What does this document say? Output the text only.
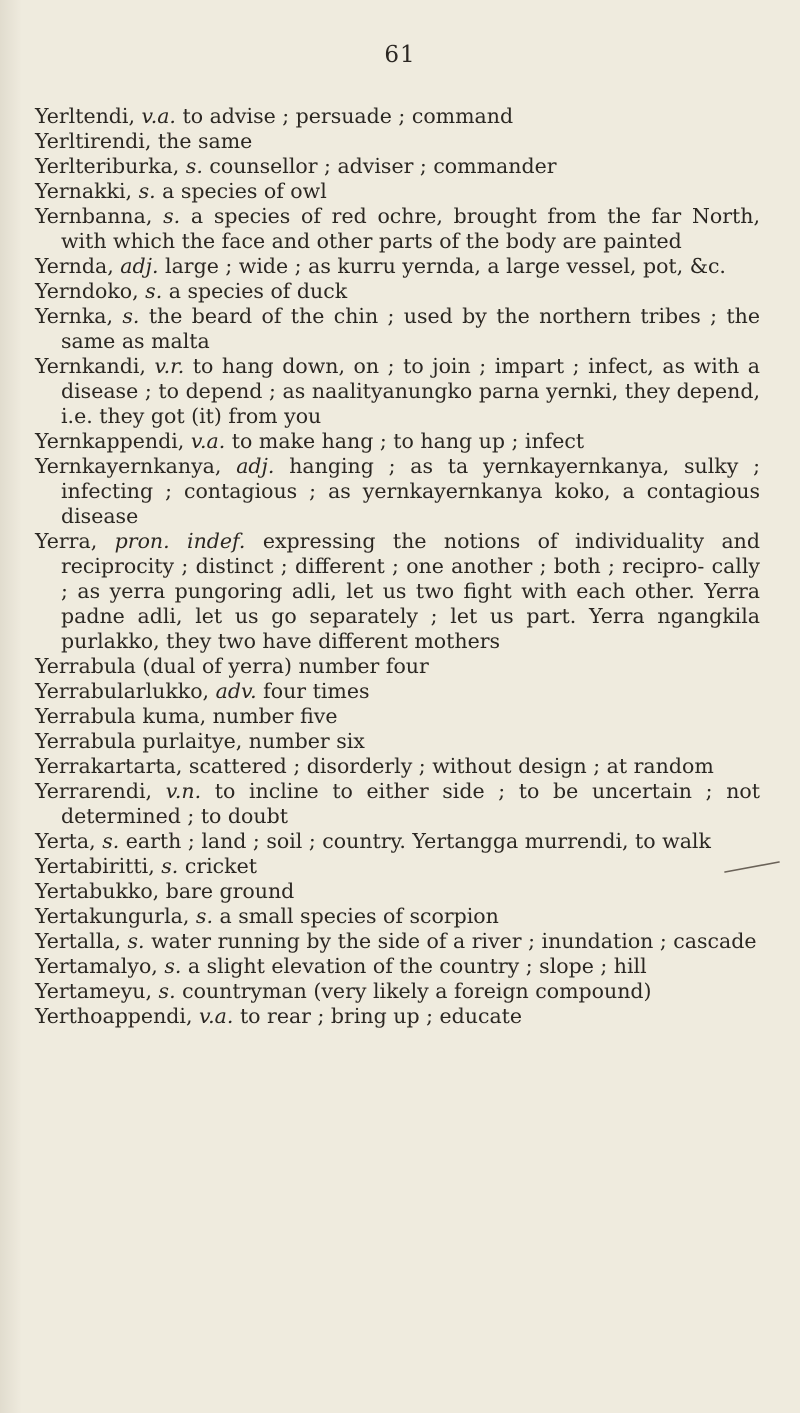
61

Yerltendi, v.a. to advise ; persuade ; command

Yerltirendi, the same

Yerlteriburka, s. counsellor ; adviser ; commander

Yernakki, s. a species of owl

Yernbanna, s. a species of red ochre, brought from the far North, with which the face and other parts of the body are painted

Yernda, adj. large ; wide ; as kurru yernda, a large vessel, pot, &c.

Yerndoko, s. a species of duck

Yernka, s. the beard of the chin ; used by the northern tribes ; the same as malta

Yernkandi, v.r. to hang down, on ; to join ; impart ; infect, as with a disease ; to depend ; as naalityanungko parna yernki, they depend, i.e. they got (it) from you

Yernkappendi, v.a. to make hang ; to hang up ; infect

Yernkayernkanya, adj. hanging ; as ta yernkayernkanya, sulky ; infecting ; contagious ; as yernkayernkanya koko, a contagious disease

Yerra, pron. indef. expressing the notions of individuality and reciprocity ; distinct ; different ; one another ; both ; recipro- cally ; as yerra pungoring adli, let us two fight with each other. Yerra padne adli, let us go separately ; let us part. Yerra ngangkila purlakko, they two have different mothers

Yerrabula (dual of yerra) number four

Yerrabularlukko, adv. four times

Yerrabula kuma, number five

Yerrabula purlaitye, number six

Yerrakartarta, scattered ; disorderly ; without design ; at random

Yerrarendi, v.n. to incline to either side ; to be uncertain ; not determined ; to doubt

Yerta, s. earth ; land ; soil ; country. Yertangga murrendi, to walk

Yertabiritti, s. cricket

Yertabukko, bare ground

Yertakungurla, s. a small species of scorpion

Yertalla, s. water running by the side of a river ; inundation ; cascade

Yertamalyo, s. a slight elevation of the country ; slope ; hill

Yertameyu, s. countryman (very likely a foreign compound)

Yerthoappendi, v.a. to rear ; bring up ; educate
